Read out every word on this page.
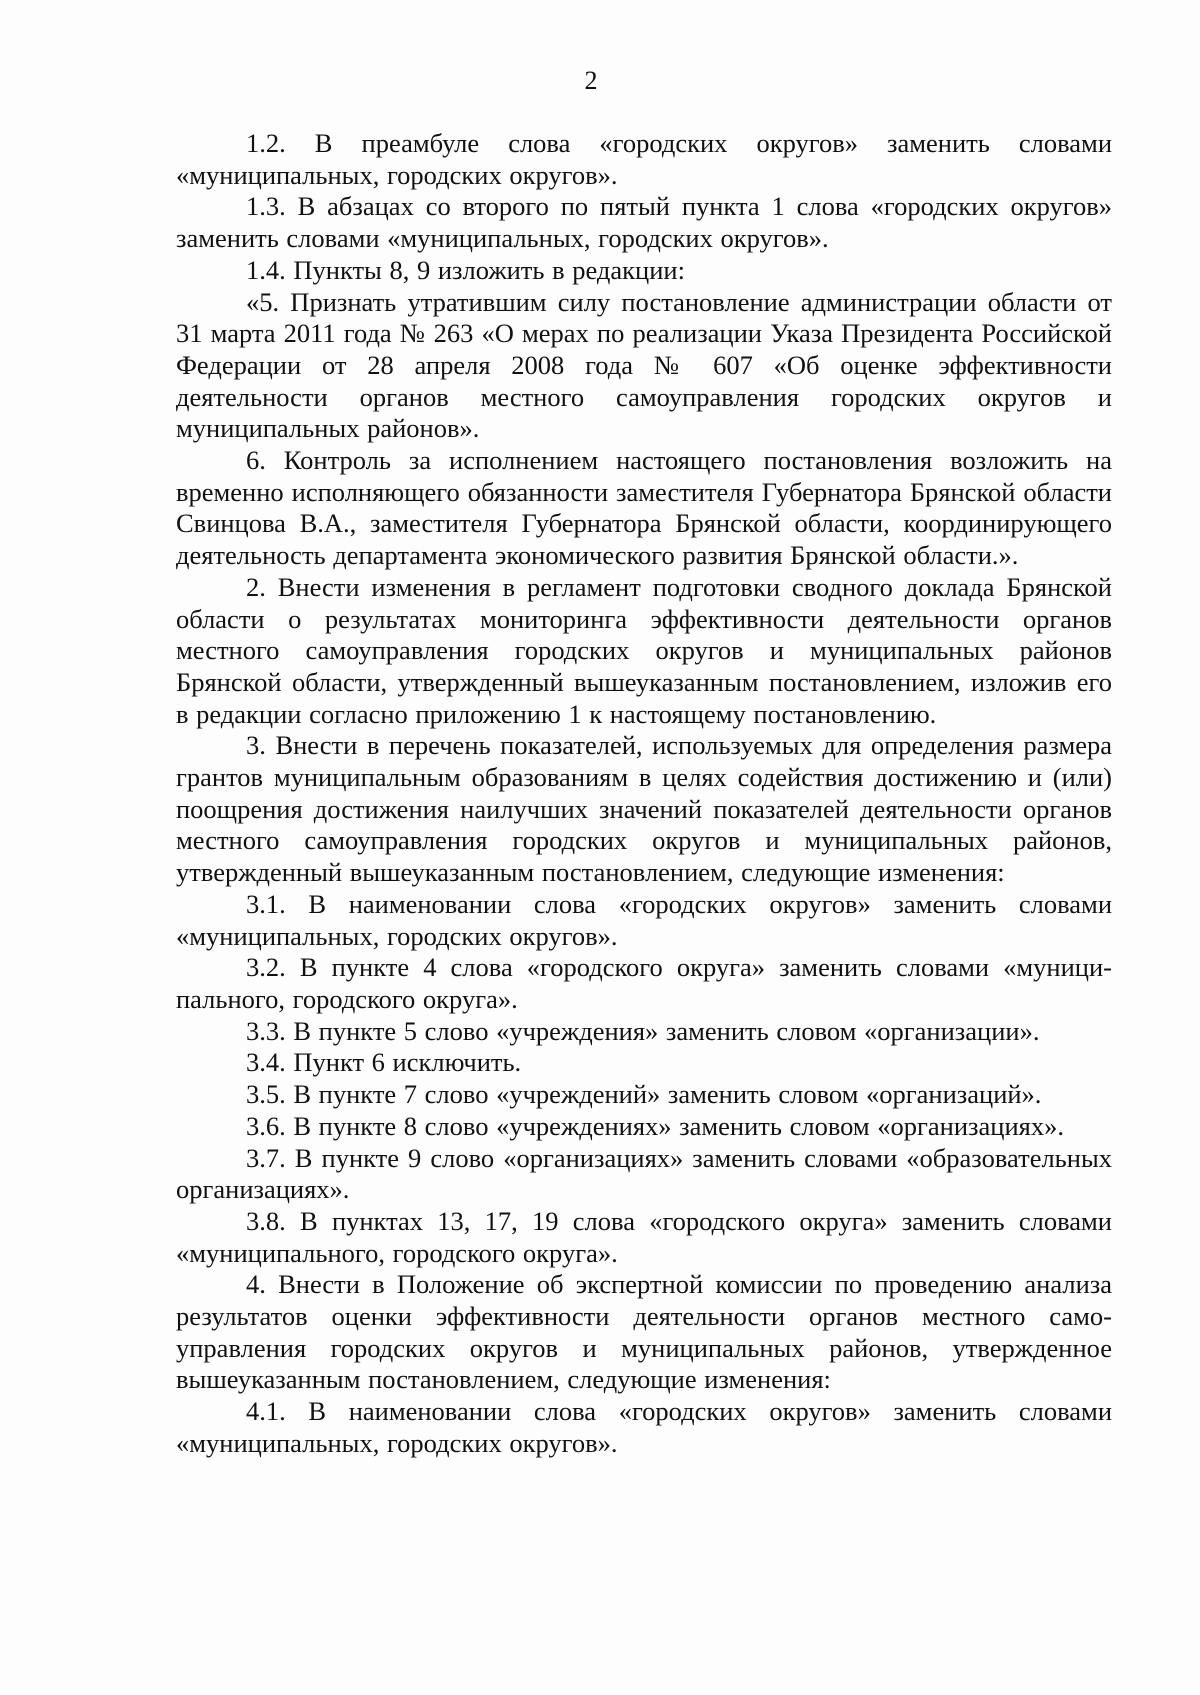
2

1.2. В преамбуле слова «городских округов» заменить словами «муниципальных, городских округов».

1.3. В абзацах со второго по пятый пункта 1 слова «городских округов» заменить словами «муниципальных, городских округов».

1.4. Пункты 8, 9 изложить в редакции:

«5. Признать утратившим силу постановление администрации области от 31 марта 2011 года № 263 «О мерах по реализации Указа Президента Российской Федерации от 28 апреля 2008 года № 607 «Об оценке эффективности деятельности органов местного самоуправления городских округов и муниципальных районов».

6. Контроль за исполнением настоящего постановления возложить на временно исполняющего обязанности заместителя Губернатора Брянской области Свинцова В.А., заместителя Губернатора Брянской области, координирующего деятельность департамента экономического развития Брянской области.».

2. Внести изменения в регламент подготовки сводного доклада Брянской области о результатах мониторинга эффективности деятельности органов местного самоуправления городских округов и муниципальных районов Брянской области, утвержденный вышеуказанным постановлением, изложив его в редакции согласно приложению 1 к настоящему постановлению.

3. Внести в перечень показателей, используемых для определения размера грантов муниципальным образованиям в целях содействия достижению и (или) поощрения достижения наилучших значений показателей деятельности органов местного самоуправления городских округов и муниципальных районов, утвержденный вышеуказанным постановлением, следующие изменения:

3.1. В наименовании слова «городских округов» заменить словами «муниципальных, городских округов».

3.2. В пункте 4 слова «городского округа» заменить словами «муниципального, городского округа».

3.3. В пункте 5 слово «учреждения» заменить словом «организации».

3.4. Пункт 6 исключить.

3.5. В пункте 7 слово «учреждений» заменить словом «организаций».

3.6. В пункте 8 слово «учреждениях» заменить словом «организациях».

3.7. В пункте 9 слово «организациях» заменить словами «образовательных организациях».

3.8. В пунктах 13, 17, 19 слова «городского округа» заменить словами «муниципального, городского округа».

4. Внести в Положение об экспертной комиссии по проведению анализа результатов оценки эффективности деятельности органов местного самоуправления городских округов и муниципальных районов, утвержденное вышеуказанным постановлением, следующие изменения:

4.1. В наименовании слова «городских округов» заменить словами «муниципальных, городских округов».
